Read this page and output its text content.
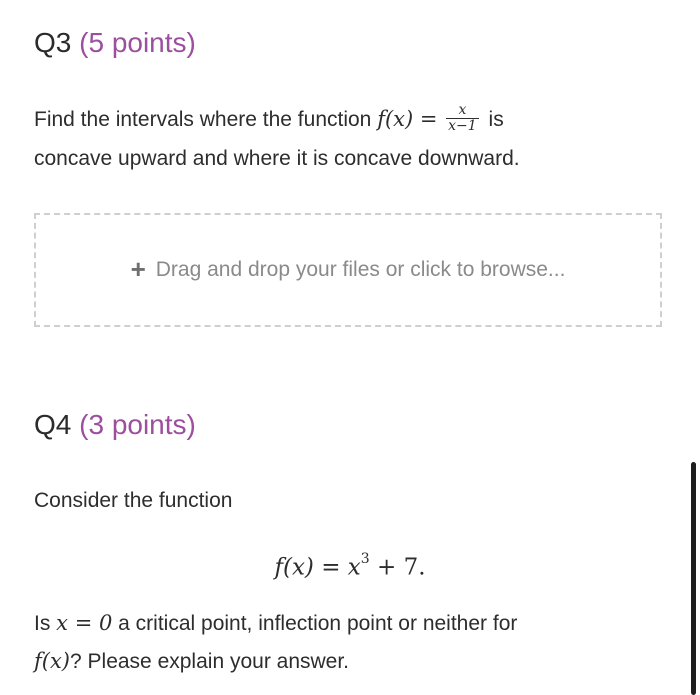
Q3 (5 points)
Find the intervals where the function $f(x) = \frac{x}{x-1}$ is
concave upward and where it is concave downward.
+ Drag and drop your files or click to browse...
Q4 (3 points)
Consider the function
$f(x) = x^3 + 7$.
Is x = 0 a critical point, inflection point or neither for
f(x)? Please explain your answer.
